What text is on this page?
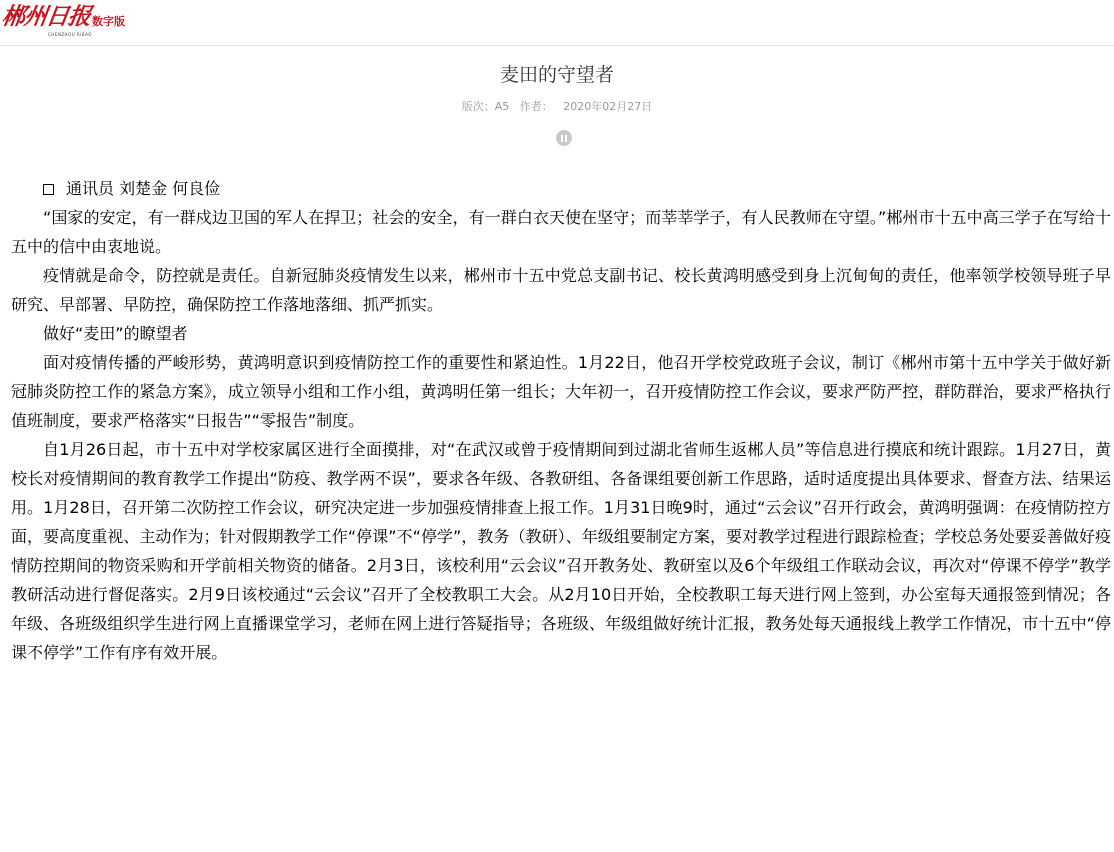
郴州日报 数字版
CHENZHOU RIBAO
麦田的守望者
版次：A5   作者：   2020年02月27日

通讯员 刘楚金 何良俭

“国家的安定，有一群戍边卫国的军人在捍卫；社会的安全，有一群白衣天使在坚守；而莘莘学子，有人民教师在守望。”郴州市十五中高三学子在写给十五中的信中由衷地说。

疫情就是命令，防控就是责任。自新冠肺炎疫情发生以来，郴州市十五中党总支副书记、校长黄鸿明感受到身上沉甸甸的责任，他率领学校领导班子早研究、早部署、早防控，确保防控工作落地落细、抓严抓实。

做好“麦田”的瞭望者

面对疫情传播的严峻形势，黄鸿明意识到疫情防控工作的重要性和紧迫性。1月22日，他召开学校党政班子会议，制订《郴州市第十五中学关于做好新冠肺炎防控工作的紧急方案》，成立领导小组和工作小组，黄鸿明任第一组长；大年初一，召开疫情防控工作会议，要求严防严控，群防群治，要求严格执行值班制度，要求严格落实“日报告”“零报告”制度。

自1月26日起，市十五中对学校家属区进行全面摸排，对“在武汉或曾于疫情期间到过湖北省师生返郴人员”等信息进行摸底和统计跟踪。1月27日，黄校长对疫情期间的教育教学工作提出“防疫、教学两不误”，要求各年级、各教研组、各备课组要创新工作思路，适时适度提出具体要求、督查方法、结果运用。1月28日，召开第二次防控工作会议，研究决定进一步加强疫情排查上报工作。1月31日晚9时，通过“云会议”召开行政会，黄鸿明强调：在疫情防控方面，要高度重视、主动作为；针对假期教学工作“停课”不“停学”，教务（教研）、年级组要制定方案，要对教学过程进行跟踪检查；学校总务处要妥善做好疫情防控期间的物资采购和开学前相关物资的储备。2月3日，该校利用“云会议”召开教务处、教研室以及6个年级组工作联动会议，再次对“停课不停学”教学教研活动进行督促落实。2月9日该校通过“云会议”召开了全校教职工大会。从2月10日开始，全校教职工每天进行网上签到，办公室每天通报签到情况；各年级、各班级组织学生进行网上直播课堂学习，老师在网上进行答疑指导；各班级、年级组做好统计汇报，教务处每天通报线上教学工作情况，市十五中“停课不停学”工作有序有效开展。
